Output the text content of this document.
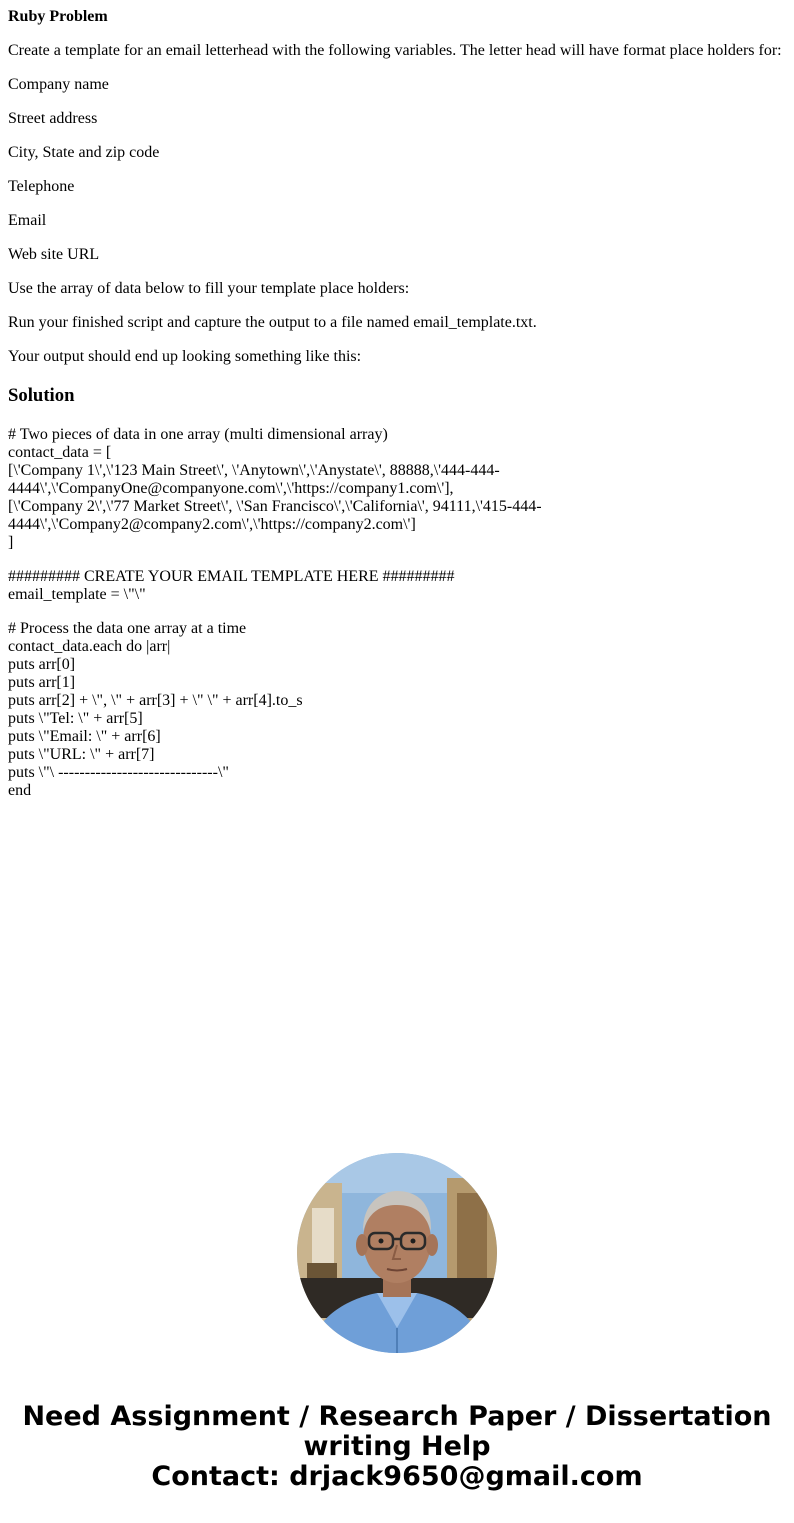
Ruby Problem

Create a template for an email letterhead with the following variables. The letter head will have format place holders for:

Company name

Street address

City, State and zip code

Telephone

Email

Web site URL

Use the array of data below to fill your template place holders:

Run your finished script and capture the output to a file named email_template.txt.

Your output should end up looking something like this:

Solution
# Two pieces of data in one array (multi dimensional array)
contact_data = [
[\'Company 1\',\'123 Main Street\', \'Anytown\',\'Anystate\', 88888,\'444-444-
4444\',\'CompanyOne@companyone.com\',\'https://company1.com\'],
[\'Company 2\',\'77 Market Street\', \'San Francisco\',\'California\', 94111,\'415-444-
4444\',\'Company2@company2.com\',\'https://company2.com\']
]
######### CREATE YOUR EMAIL TEMPLATE HERE #########
email_template = \"\"
# Process the data one array at a time
contact_data.each do |arr|
puts arr[0]
puts arr[1]
puts arr[2] + \", \" + arr[3] + \" \" + arr[4].to_s
puts \"Tel: \" + arr[5]
puts \"Email: \" + arr[6]
puts \"URL: \" + arr[7]
puts \"\ ------------------------------\"
end
Need Assignment / Research Paper / Dissertation
writing Help
Contact: drjack9650@gmail.com
